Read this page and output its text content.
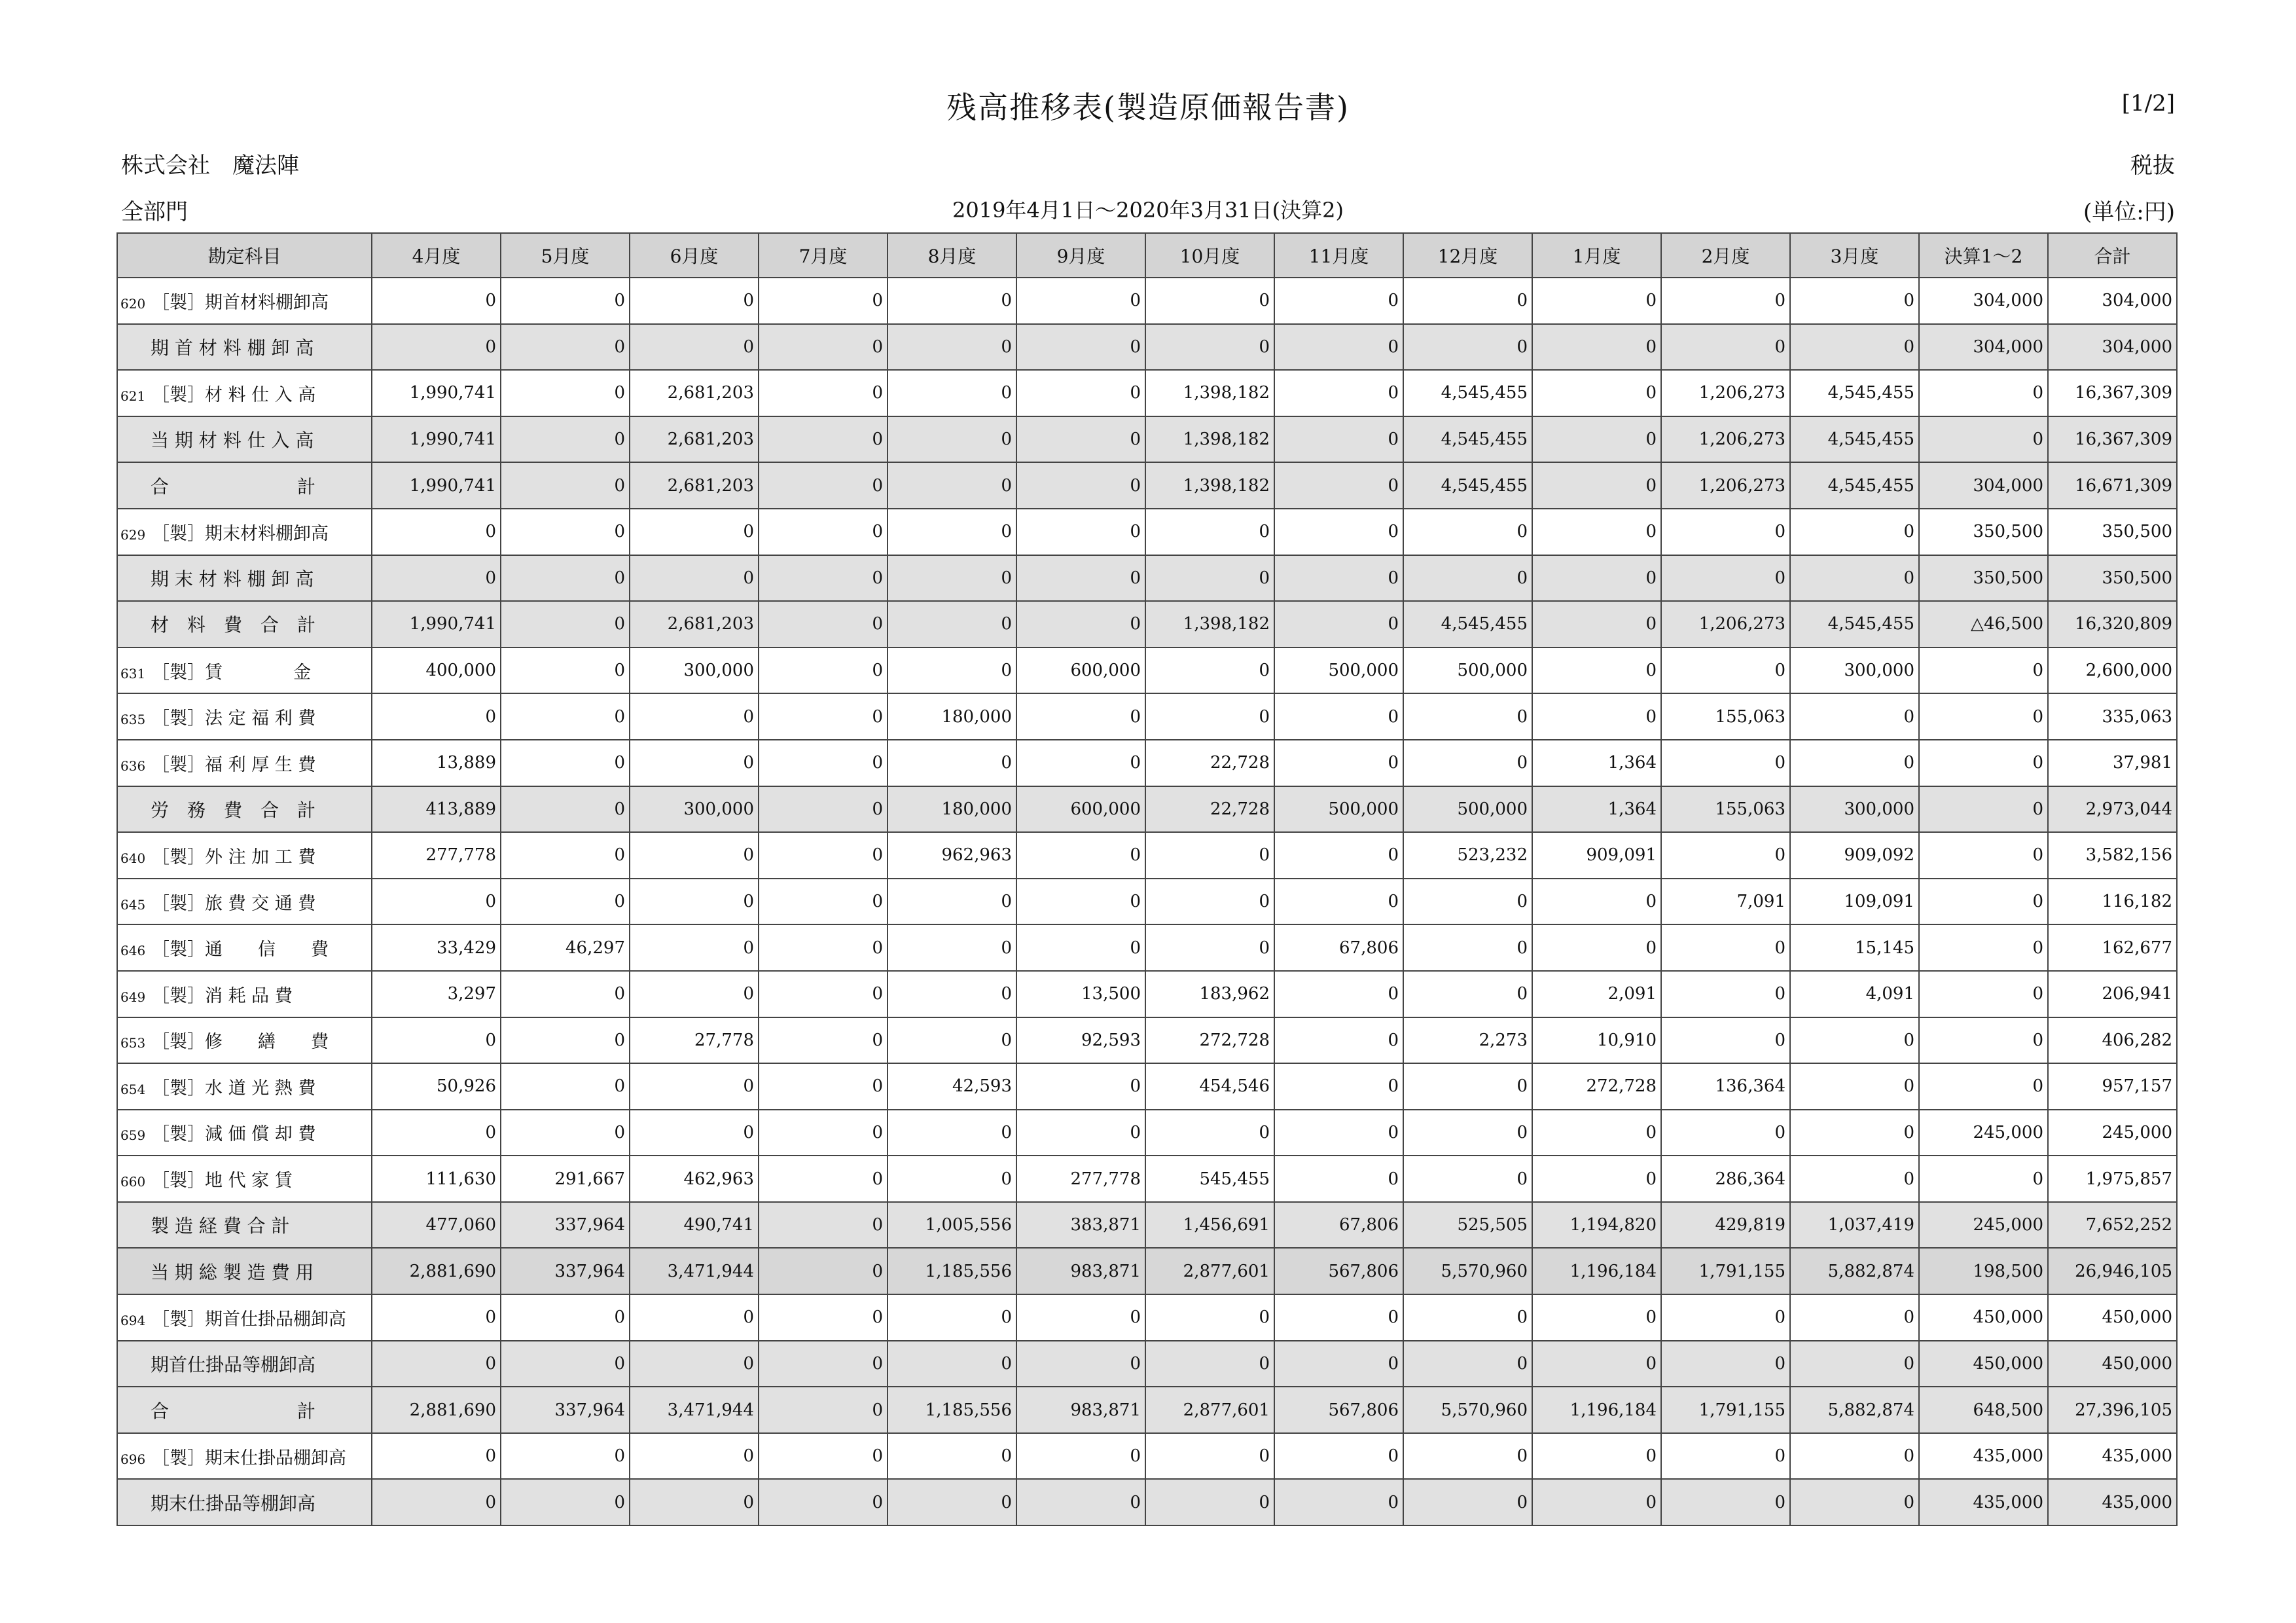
残高推移表(製造原価報告書)	[1/2]
株式会社　魔法陣	税抜
全部門	2019年4月1日～2020年3月31日(決算2)	(単位:円)
勘定科目	4月度	5月度	6月度	7月度	8月度	9月度	10月度	11月度	12月度	1月度	2月度	3月度	決算1～2	合計
620 ［製］期首材料棚卸高	0	0	0	0	0	0	0	0	0	0	0	0	304,000	304,000
期 首 材 料 棚 卸 高	0	0	0	0	0	0	0	0	0	0	0	0	304,000	304,000
621 ［製］材 料 仕 入 高	1,990,741	0	2,681,203	0	0	0	1,398,182	0	4,545,455	0	1,206,273	4,545,455	0	16,367,309
当 期 材 料 仕 入 高	1,990,741	0	2,681,203	0	0	0	1,398,182	0	4,545,455	0	1,206,273	4,545,455	0	16,367,309
合　　　　　　　計	1,990,741	0	2,681,203	0	0	0	1,398,182	0	4,545,455	0	1,206,273	4,545,455	304,000	16,671,309
629 ［製］期末材料棚卸高	0	0	0	0	0	0	0	0	0	0	0	0	350,500	350,500
期 末 材 料 棚 卸 高	0	0	0	0	0	0	0	0	0	0	0	0	350,500	350,500
材　料　費　合　計	1,990,741	0	2,681,203	0	0	0	1,398,182	0	4,545,455	0	1,206,273	4,545,455	△46,500	16,320,809
631 ［製］賃　　　　金	400,000	0	300,000	0	0	600,000	0	500,000	500,000	0	0	300,000	0	2,600,000
635 ［製］法 定 福 利 費	0	0	0	0	180,000	0	0	0	0	0	155,063	0	0	335,063
636 ［製］福 利 厚 生 費	13,889	0	0	0	0	0	22,728	0	0	1,364	0	0	0	37,981
労　務　費　合　計	413,889	0	300,000	0	180,000	600,000	22,728	500,000	500,000	1,364	155,063	300,000	0	2,973,044
640 ［製］外 注 加 工 費	277,778	0	0	0	962,963	0	0	0	523,232	909,091	0	909,092	0	3,582,156
645 ［製］旅 費 交 通 費	0	0	0	0	0	0	0	0	0	0	7,091	109,091	0	116,182
646 ［製］通　　信　　費	33,429	46,297	0	0	0	0	0	67,806	0	0	0	15,145	0	162,677
649 ［製］消 耗 品 費	3,297	0	0	0	0	13,500	183,962	0	0	2,091	0	4,091	0	206,941
653 ［製］修　　繕　　費	0	0	27,778	0	0	92,593	272,728	0	2,273	10,910	0	0	0	406,282
654 ［製］水 道 光 熱 費	50,926	0	0	0	42,593	0	454,546	0	0	272,728	136,364	0	0	957,157
659 ［製］減 価 償 却 費	0	0	0	0	0	0	0	0	0	0	0	0	245,000	245,000
660 ［製］地 代 家 賃	111,630	291,667	462,963	0	0	277,778	545,455	0	0	0	286,364	0	0	1,975,857
製 造 経 費 合 計	477,060	337,964	490,741	0	1,005,556	383,871	1,456,691	67,806	525,505	1,194,820	429,819	1,037,419	245,000	7,652,252
当 期 総 製 造 費 用	2,881,690	337,964	3,471,944	0	1,185,556	983,871	2,877,601	567,806	5,570,960	1,196,184	1,791,155	5,882,874	198,500	26,946,105
694 ［製］期首仕掛品棚卸高	0	0	0	0	0	0	0	0	0	0	0	0	450,000	450,000
期首仕掛品等棚卸高	0	0	0	0	0	0	0	0	0	0	0	0	450,000	450,000
合　　　　　　　計	2,881,690	337,964	3,471,944	0	1,185,556	983,871	2,877,601	567,806	5,570,960	1,196,184	1,791,155	5,882,874	648,500	27,396,105
696 ［製］期末仕掛品棚卸高	0	0	0	0	0	0	0	0	0	0	0	0	435,000	435,000
期末仕掛品等棚卸高	0	0	0	0	0	0	0	0	0	0	0	0	435,000	435,000
